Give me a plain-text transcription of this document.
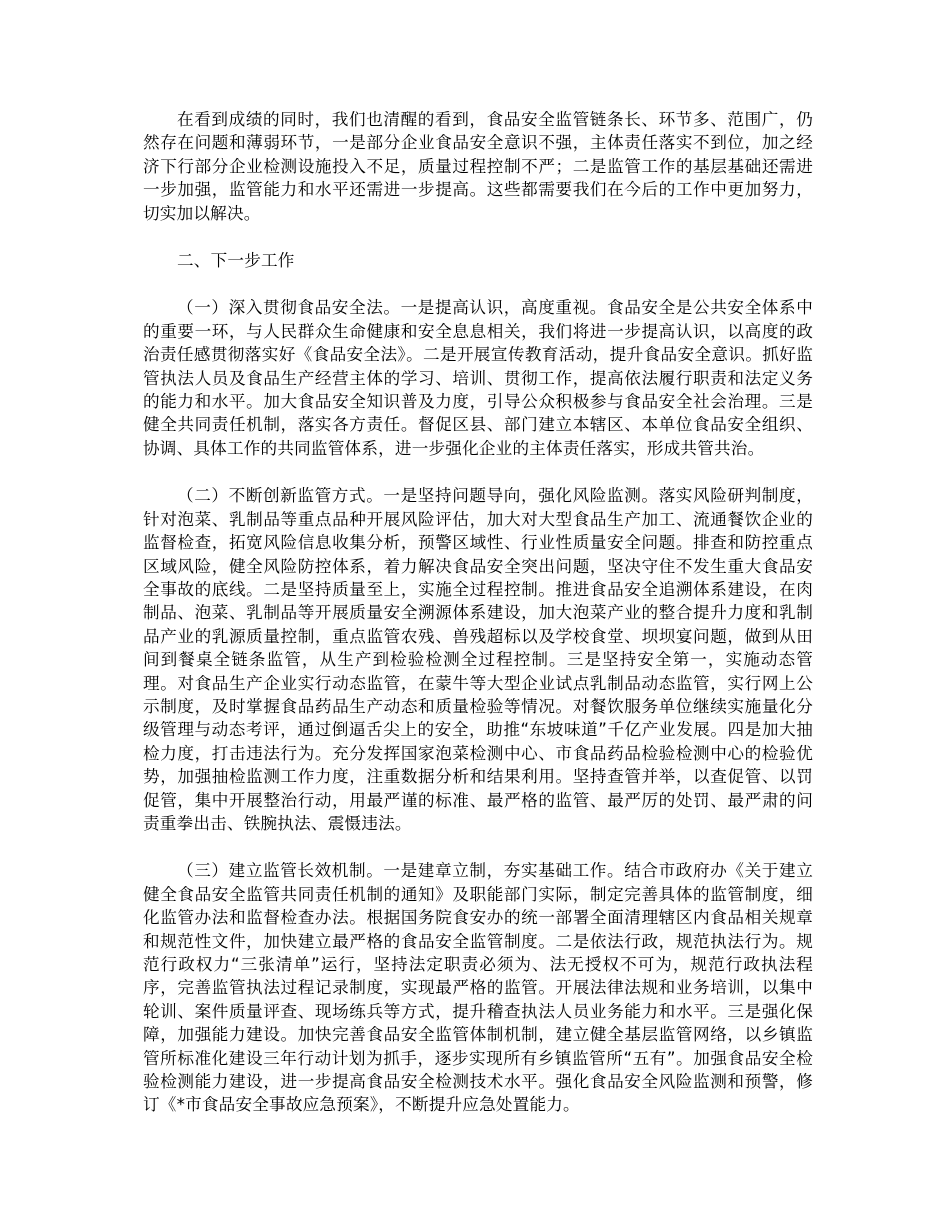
在看到成绩的同时，我们也清醒的看到，食品安全监管链条长、环节多、范围广，仍然存在问题和薄弱环节，一是部分企业食品安全意识不强，主体责任落实不到位，加之经济下行部分企业检测设施投入不足，质量过程控制不严；二是监管工作的基层基础还需进一步加强，监管能力和水平还需进一步提高。这些都需要我们在今后的工作中更加努力，切实加以解决。

二、下一步工作

（一）深入贯彻食品安全法。一是提高认识，高度重视。食品安全是公共安全体系中的重要一环，与人民群众生命健康和安全息息相关，我们将进一步提高认识，以高度的政治责任感贯彻落实好《食品安全法》。二是开展宣传教育活动，提升食品安全意识。抓好监管执法人员及食品生产经营主体的学习、培训、贯彻工作，提高依法履行职责和法定义务的能力和水平。加大食品安全知识普及力度，引导公众积极参与食品安全社会治理。三是健全共同责任机制，落实各方责任。督促区县、部门建立本辖区、本单位食品安全组织、协调、具体工作的共同监管体系，进一步强化企业的主体责任落实，形成共管共治。

（二）不断创新监管方式。一是坚持问题导向，强化风险监测。落实风险研判制度，针对泡菜、乳制品等重点品种开展风险评估，加大对大型食品生产加工、流通餐饮企业的监督检查，拓宽风险信息收集分析，预警区域性、行业性质量安全问题。排查和防控重点区域风险，健全风险防控体系，着力解决食品安全突出问题，坚决守住不发生重大食品安全事故的底线。二是坚持质量至上，实施全过程控制。推进食品安全追溯体系建设，在肉制品、泡菜、乳制品等开展质量安全溯源体系建设，加大泡菜产业的整合提升力度和乳制品产业的乳源质量控制，重点监管农残、兽残超标以及学校食堂、坝坝宴问题，做到从田间到餐桌全链条监管，从生产到检验检测全过程控制。三是坚持安全第一，实施动态管理。对食品生产企业实行动态监管，在蒙牛等大型企业试点乳制品动态监管，实行网上公示制度，及时掌握食品药品生产动态和质量检验等情况。对餐饮服务单位继续实施量化分级管理与动态考评，通过倒逼舌尖上的安全，助推“东坡味道”千亿产业发展。四是加大抽检力度，打击违法行为。充分发挥国家泡菜检测中心、市食品药品检验检测中心的检验优势，加强抽检监测工作力度，注重数据分析和结果利用。坚持查管并举，以查促管、以罚促管，集中开展整治行动，用最严谨的标准、最严格的监管、最严厉的处罚、最严肃的问责重拳出击、铁腕执法、震慑违法。

（三）建立监管长效机制。一是建章立制，夯实基础工作。结合市政府办《关于建立健全食品安全监管共同责任机制的通知》及职能部门实际，制定完善具体的监管制度，细化监管办法和监督检查办法。根据国务院食安办的统一部署全面清理辖区内食品相关规章和规范性文件，加快建立最严格的食品安全监管制度。二是依法行政，规范执法行为。规范行政权力“三张清单”运行，坚持法定职责必须为、法无授权不可为，规范行政执法程序，完善监管执法过程记录制度，实现最严格的监管。开展法律法规和业务培训，以集中轮训、案件质量评查、现场练兵等方式，提升稽查执法人员业务能力和水平。三是强化保障，加强能力建设。加快完善食品安全监管体制机制，建立健全基层监管网络，以乡镇监管所标准化建设三年行动计划为抓手，逐步实现所有乡镇监管所“五有”。加强食品安全检验检测能力建设，进一步提高食品安全检测技术水平。强化食品安全风险监测和预警，修订《*市食品安全事故应急预案》，不断提升应急处置能力。
